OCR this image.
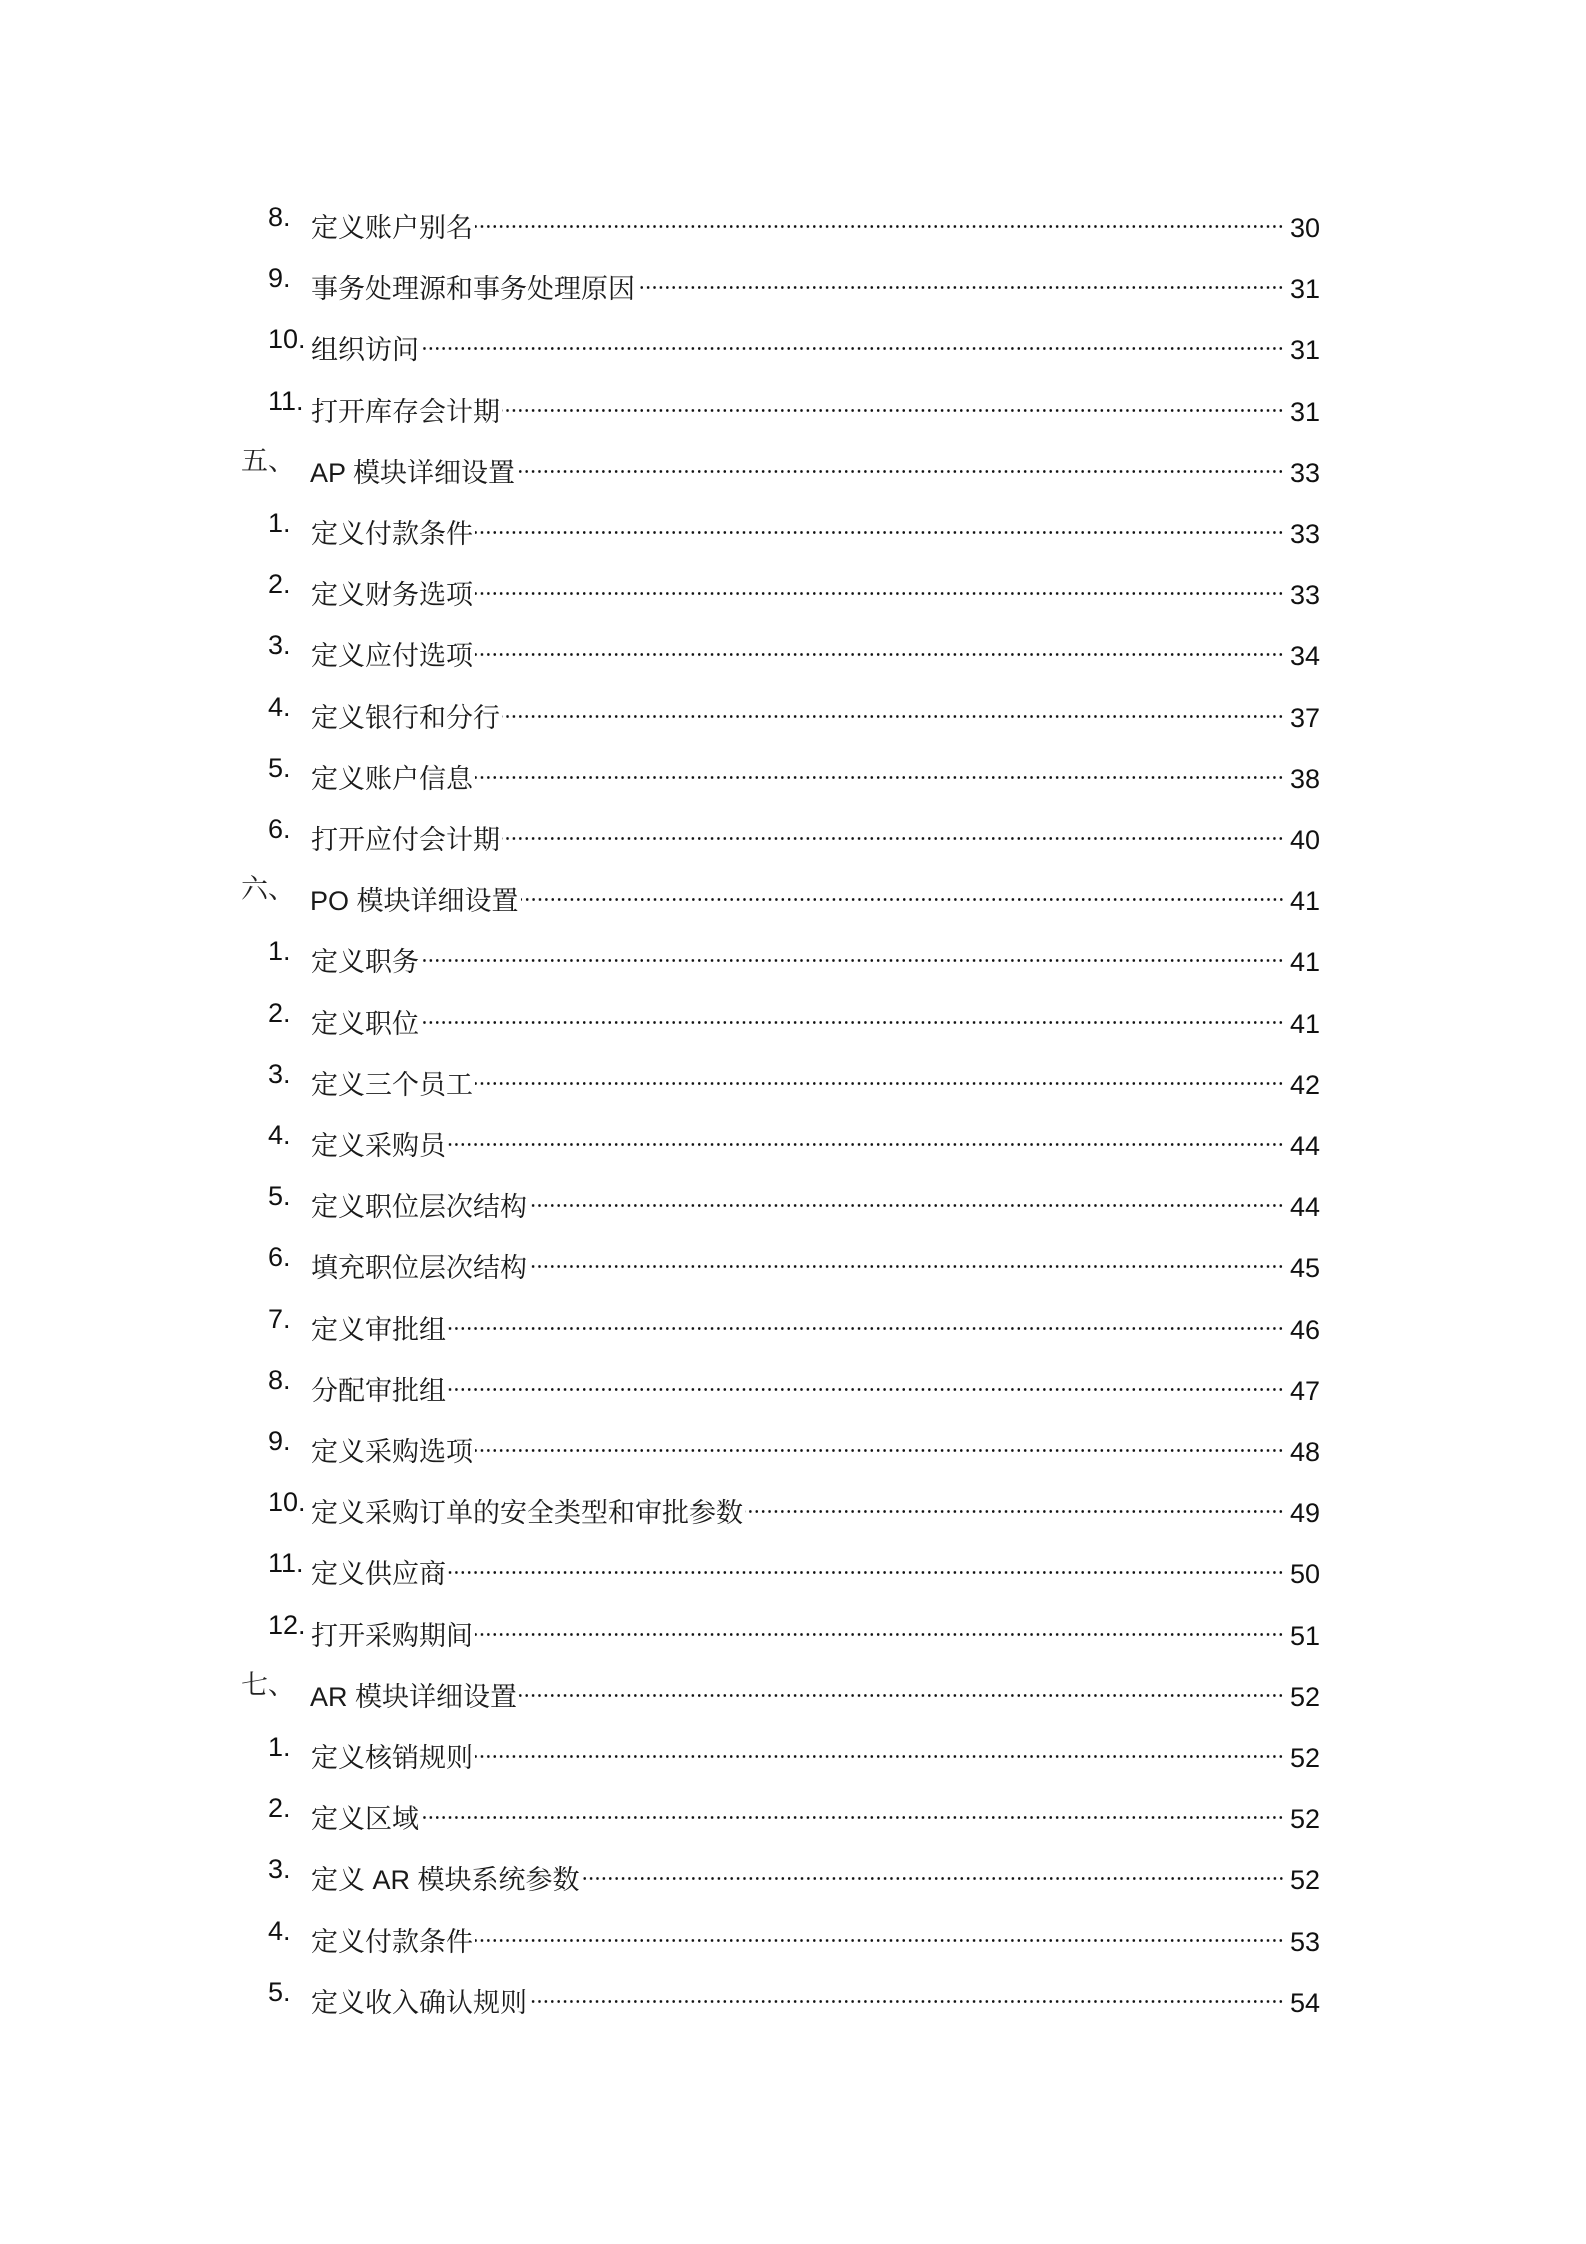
8. 定义账户别名	30
9. 事务处理源和事务处理原因	31
10. 组织访问	31
11. 打开库存会计期	31
五、 AP 模块详细设置	33
1. 定义付款条件	33
2. 定义财务选项	33
3. 定义应付选项	34
4. 定义银行和分行	37
5. 定义账户信息	38
6. 打开应付会计期	40
六、 PO 模块详细设置	41
1. 定义职务	41
2. 定义职位	41
3. 定义三个员工	42
4. 定义采购员	44
5. 定义职位层次结构	44
6. 填充职位层次结构	45
7. 定义审批组	46
8. 分配审批组	47
9. 定义采购选项	48
10. 定义采购订单的安全类型和审批参数	49
11. 定义供应商	50
12. 打开采购期间	51
七、 AR 模块详细设置	52
1. 定义核销规则	52
2. 定义区域	52
3. 定义 AR 模块系统参数	52
4. 定义付款条件	53
5. 定义收入确认规则	54
